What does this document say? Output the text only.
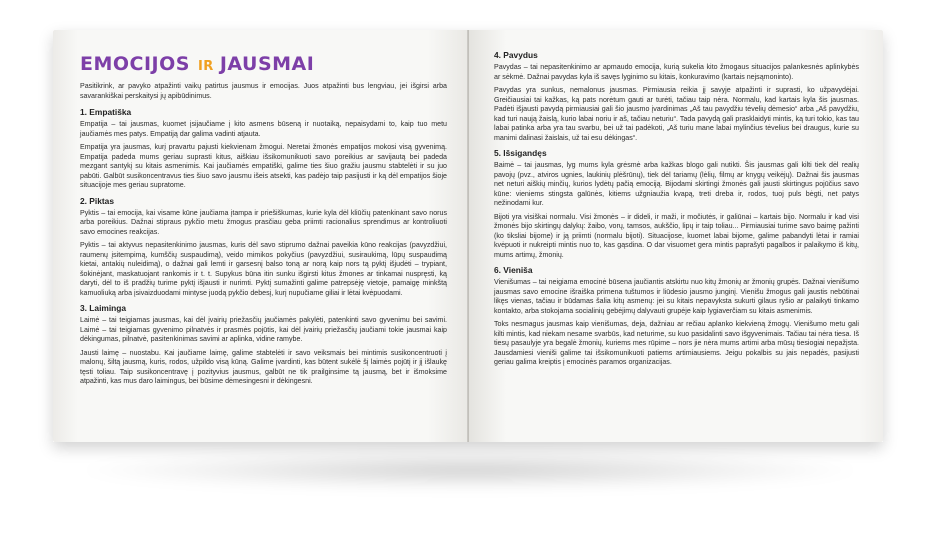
EMOCIJOS IR JAUSMAI

Pasitikrink, ar pavyko atpažinti vaikų patirtus jausmus ir emocijas. Juos atpažinti bus lengviau, jei išgirsi arba savarankiškai perskaitysi jų apibūdinimus.

1. Empatiška

Empatija – tai jausmas, kuomet įsijaučiame į kito asmens būseną ir nuotaiką, nepaisydami to, kaip tuo metu jaučiamės mes patys. Empatiją dar galima vadinti atjauta.

Empatija yra jausmas, kurį pravartu pajusti kiekvienam žmogui. Neretai žmonės empatijos mokosi visą gyvenimą. Empatija padeda mums geriau suprasti kitus, aiškiau išsikomunikuoti savo poreikius ar savijautą bei padeda mezgant santykį su kitais asmenimis. Kai jaučiamės empatiški, galime ties šiuo gražiu jausmu stabtelėti ir su juo pabūti. Galbūt susikoncentravus ties šiuo savo jausmu išeis atsekti, kas padėjo taip pasijusti ir ką dėl empatijos šioje situacijoje mes geriau supratome.

2. Piktas

Pyktis – tai emocija, kai visame kūne jaučiama įtampa ir priešiškumas, kurie kyla dėl kliūčių patenkinant savo norus arba poreikius. Dažnai stipraus pykčio metu žmogus prasčiau geba priimti racionalius sprendimus ar kontroliuoti savo emocines reakcijas.

Pyktis – tai aktyvus nepasitenkinimo jausmas, kuris dėl savo stiprumo dažnai paveikia kūno reakcijas (pavyzdžiui, raumenų įsitempimą, kumščių suspaudimą), veido mimikos pokyčius (pavyzdžiui, susiraukimą, lūpų suspaudimą kietai, antakių nuleidimą), o dažnai gali lemti ir garsesnį balso toną ar norą kaip nors tą pyktį išjudėti – trypiant, šokinėjant, maskatuojant rankomis ir t. t. Supykus būna itin sunku išgirsti kitus žmones ar tinkamai nuspręsti, ką daryti, dėl to iš pradžių turime pyktį išjausti ir nurimti. Pyktį sumažinti galime patrepsėję vietoje, pamaigę minkštą kamuoliuką arba įsivaizduodami mintyse juodą pykčio debesį, kurį nupučiame giliai ir lėtai kvėpuodami.

3. Laiminga

Laimė – tai teigiamas jausmas, kai dėl įvairių priežasčių jaučiamės pakylėti, patenkinti savo gyvenimu bei savimi. Laimė – tai teigiamas gyvenimo pilnatvės ir prasmės pojūtis, kai dėl įvairių priežasčių jaučiami tokie jausmai kaip dėkingumas, pilnatvė, pasitenkinimas savimi ar aplinka, vidine ramybe.

Jausti laimę – nuostabu. Kai jaučiame laimę, galime stabtelėti ir savo veiksmais bei mintimis susikoncentruoti į malonų, šiltą jausmą, kuris, rodos, užpildo visą kūną. Galime įvardinti, kas būtent sukėlė šį laimės pojūtį ir jį išlaukę tęsti toliau. Taip susikoncentravę į pozityvius jausmus, galbūt ne tik prailginsime tą jausmą, bet ir išmoksime atpažinti, kas mus daro laimingus, bei būsime dėmesingesni ir dėkingesni.

4. Pavydus

Pavydas – tai nepasitenkinimo ar apmaudo emocija, kurią sukelia kito žmogaus situacijos palankesnės aplinkybės ar sėkmė. Dažnai pavydas kyla iš savęs lyginimo su kitais, konkuravimo (kartais nejsąmoninto).

Pavydas yra sunkus, nemalonus jausmas. Pirmiausia reikia jį savyje atpažinti ir suprasti, ko užpavydėjai. Greičiausiai tai kažkas, ką pats norėtum gauti ar turėti, tačiau taip nėra. Normalu, kad kartais kyla šis jausmas. Padėti išjausti pavydą pirmiausiai gali šio jausmo įvardinimas „Aš tau pavydžiu tėvelių dėmesio“ arba „Aš pavydžiu, kad turi naują žaislą, kurio labai noriu ir aš, tačiau neturiu“. Tada pavydą gali prasklaidyti mintis, ką turi tokio, kas tau labai patinka arba yra tau svarbu, bei už tai padėkoti, „Aš turiu mane labai mylinčius tėvelius bei draugus, kurie su manimi dalinasi žaislais, už tai esu dėkingas“.

5. Išsigandęs

Baimė – tai jausmas, lyg mums kyla grėsmė arba kažkas blogo gali nutikti. Šis jausmas gali kilti tiek dėl realių pavojų (pvz., atviros ugnies, laukinių plėšrūnų), tiek dėl tariamų (lėlių, filmų ar knygų veikėjų). Dažnai šis jausmas net neturi aiškių minčių, kurios lydėtų pačią emociją. Bijodami skirtingi žmonės gali jausti skirtingus pojūčius savo kūne: vieniems stingsta galūnės, kitiems užgniaužia kvapą, treti dreba ir, rodos, tuoj puls bėgti, net patys nežinodami kur.

Bijoti yra visiškai normalu. Visi žmonės – ir dideli, ir maži, ir močiutės, ir galiūnai – kartais bijo. Normalu ir kad visi žmonės bijo skirtingų dalykų: žaibo, vorų, tamsos, aukščio, lipų ir taip toliau... Pirmiausiai turime savo baimę pažinti (ko tiksliai bijome) ir ją priimti (normalu bijoti). Situacijose, kuomet labai bijome, galime pabandyti lėtai ir ramiai kvėpuoti ir nukreipti mintis nuo to, kas gąsdina. O dar visuomet gera mintis paprašyti pagalbos ir palaikymo iš kitų, mums artimų, žmonių.

6. Vieniša

Vienišumas – tai neigiama emocinė būsena jaučiantis atskirtu nuo kitų žmonių ar žmonių grupės. Dažnai vienišumo jausmas savo emocine išraiška primena tuštumos ir liūdesio jausmo junginį. Vienišu žmogus gali jaustis nebūtinai likęs vienas, tačiau ir būdamas šalia kitų asmenų: jei su kitais nepavyksta sukurti gilaus ryšio ar palaikyti tinkamo kontakto, arba stokojama socialinių gebėjimų dalyvauti grupėje kaip lygiaverčiam su kitais asmenimis.

Toks nesmagus jausmas kaip vienišumas, deja, dažniau ar rečiau aplanko kiekvieną žmogų. Vienišumo metu gali kilti mintis, kad niekam nesame svarbūs, kad neturime, su kuo pasidalinti savo išgyvenimais. Tačiau tai nėra tiesa. Iš tiesų pasaulyje yra begalė žmonių, kuriems mes rūpime – nors jie nėra mums artimi arba mūsų tiesiogiai nepažįsta. Jausdamiesi vieniši galime tai išsikomunikuoti patiems artimiausiems. Jeigu pokalbis su jais nepadės, pasijusti geriau galima kreiptis į emocinės paramos organizacijas.
